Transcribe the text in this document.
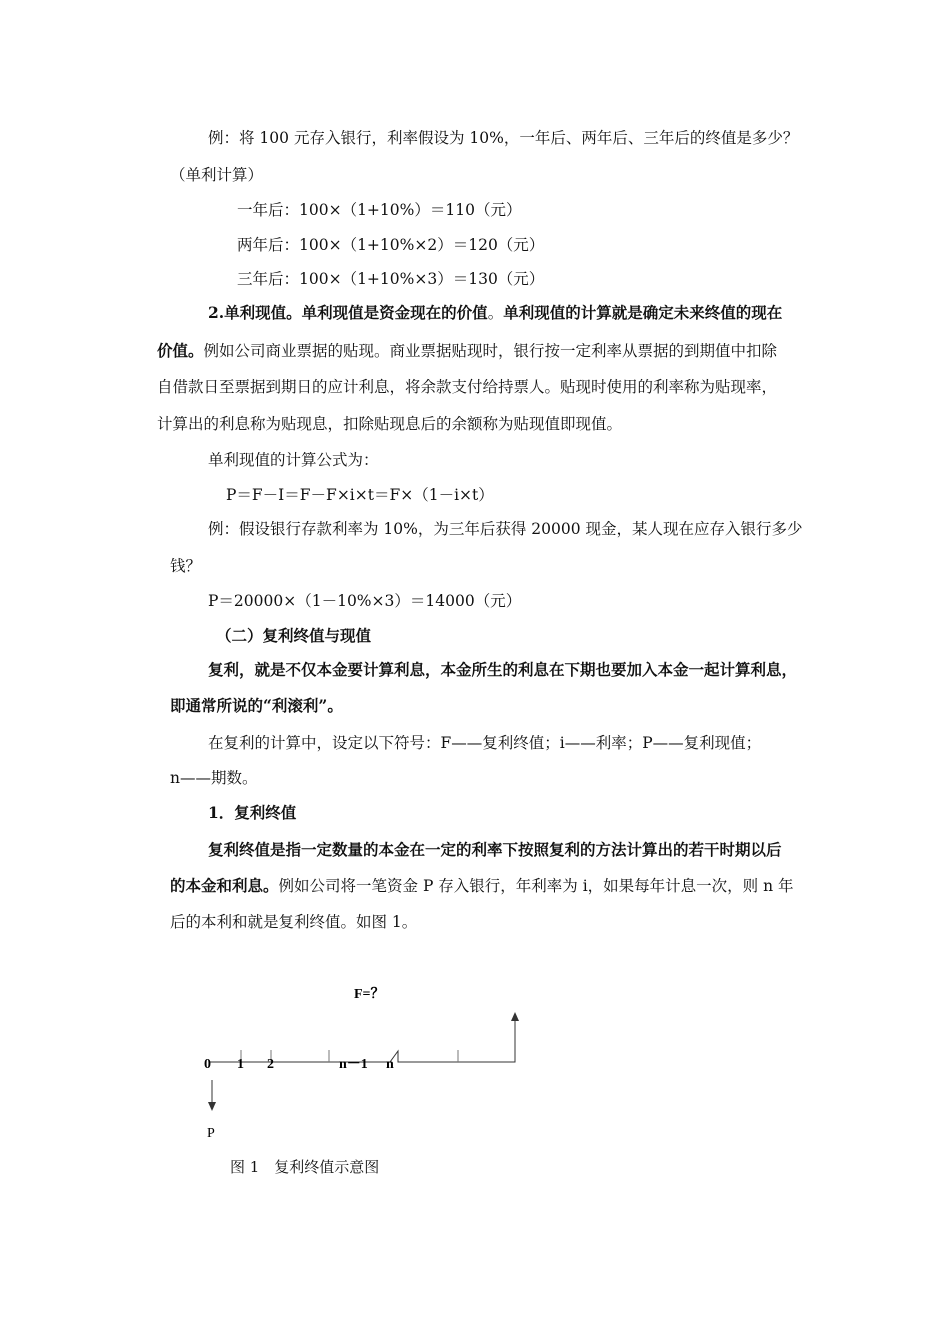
例：将 100 元存入银行，利率假设为 10%，一年后、两年后、三年后的终值是多少？
（单利计算）
一年后：100×（1+10%）＝110（元）
两年后：100×（1+10%×2）＝120（元）
三年后：100×（1+10%×3）＝130（元）
2.单利现值。单利现值是资金现在的价值。单利现值的计算就是确定未来终值的现在
价值。例如公司商业票据的贴现。商业票据贴现时，银行按一定利率从票据的到期值中扣除
自借款日至票据到期日的应计利息，将余款支付给持票人。贴现时使用的利率称为贴现率，
计算出的利息称为贴现息，扣除贴现息后的余额称为贴现值即现值。
单利现值的计算公式为：
P＝F－I＝F－F×i×t＝F×（1－i×t）
例：假设银行存款利率为 10%，为三年后获得 20000 现金，某人现在应存入银行多少
钱？
P＝20000×（1－10%×3）＝14000（元）
（二）复利终值与现值
复利，就是不仅本金要计算利息，本金所生的利息在下期也要加入本金一起计算利息，
即通常所说的“利滚利”。
在复利的计算中，设定以下符号：F——复利终值；i——利率；P——复利现值；
n——期数。
1．复利终值
复利终值是指一定数量的本金在一定的利率下按照复利的方法计算出的若干时期以后
的本金和利息。例如公司将一笔资金 P 存入银行，年利率为 i，如果每年计息一次，则 n 年
后的本利和就是复利终值。如图 1。
F=？
0 1 2	n－1 n
P
图 1　复利终值示意图
